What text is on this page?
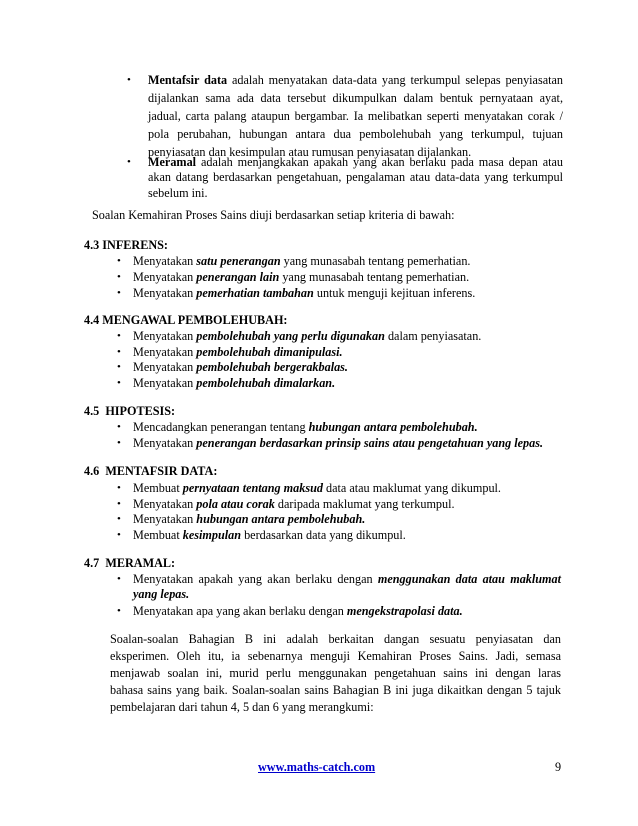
• Mentafsir data adalah menyatakan data-data yang terkumpul selepas penyiasatan
dijalankan sama ada data tersebut dikumpulkan dalam bentuk pernyataan ayat,
jadual, carta palang ataupun bergambar. Ia melibatkan seperti menyatakan corak /
pola perubahan, hubungan antara dua pembolehubah yang terkumpul, tujuan
penyiasatan dan kesimpulan atau rumusan penyiasatan dijalankan.
• Meramal adalah menjangkakan apakah yang akan berlaku pada masa depan atau
akan datang berdasarkan pengetahuan, pengalaman atau data-data yang terkumpul
sebelum ini.
Soalan Kemahiran Proses Sains diuji berdasarkan setiap kriteria di bawah:
4.3 INFERENS:
• Menyatakan satu penerangan yang munasabah tentang pemerhatian.
• Menyatakan penerangan lain yang munasabah tentang pemerhatian.
• Menyatakan pemerhatian tambahan untuk menguji kejituan inferens.
4.4 MENGAWAL PEMBOLEHUBAH:
• Menyatakan pembolehubah yang perlu digunakan dalam penyiasatan.
• Menyatakan pembolehubah dimanipulasi.
• Menyatakan pembolehubah bergerakbalas.
• Menyatakan pembolehubah dimalarkan.
4.5 HIPOTESIS:
• Mencadangkan penerangan tentang hubungan antara pembolehubah.
• Menyatakan penerangan berdasarkan prinsip sains atau pengetahuan yang lepas.
4.6 MENTAFSIR DATA:
• Membuat pernyataan tentang maksud data atau maklumat yang dikumpul.
• Menyatakan pola atau corak daripada maklumat yang terkumpul.
• Menyatakan hubungan antara pembolehubah.
• Membuat kesimpulan berdasarkan data yang dikumpul.
4.7 MERAMAL:
• Menyatakan apakah yang akan berlaku dengan menggunakan data atau maklumat
yang lepas.
• Menyatakan apa yang akan berlaku dengan mengekstrapolasi data.
Soalan-soalan Bahagian B ini adalah berkaitan dangan sesuatu penyiasatan dan
eksperimen. Oleh itu, ia sebenarnya menguji Kemahiran Proses Sains. Jadi, semasa
menjawab soalan ini, murid perlu menggunakan pengetahuan sains ini dengan laras
bahasa sains yang baik. Soalan-soalan sains Bahagian B ini juga dikaitkan dengan 5 tajuk
pembelajaran dari tahun 4, 5 dan 6 yang merangkumi:
www.maths-catch.com	9
